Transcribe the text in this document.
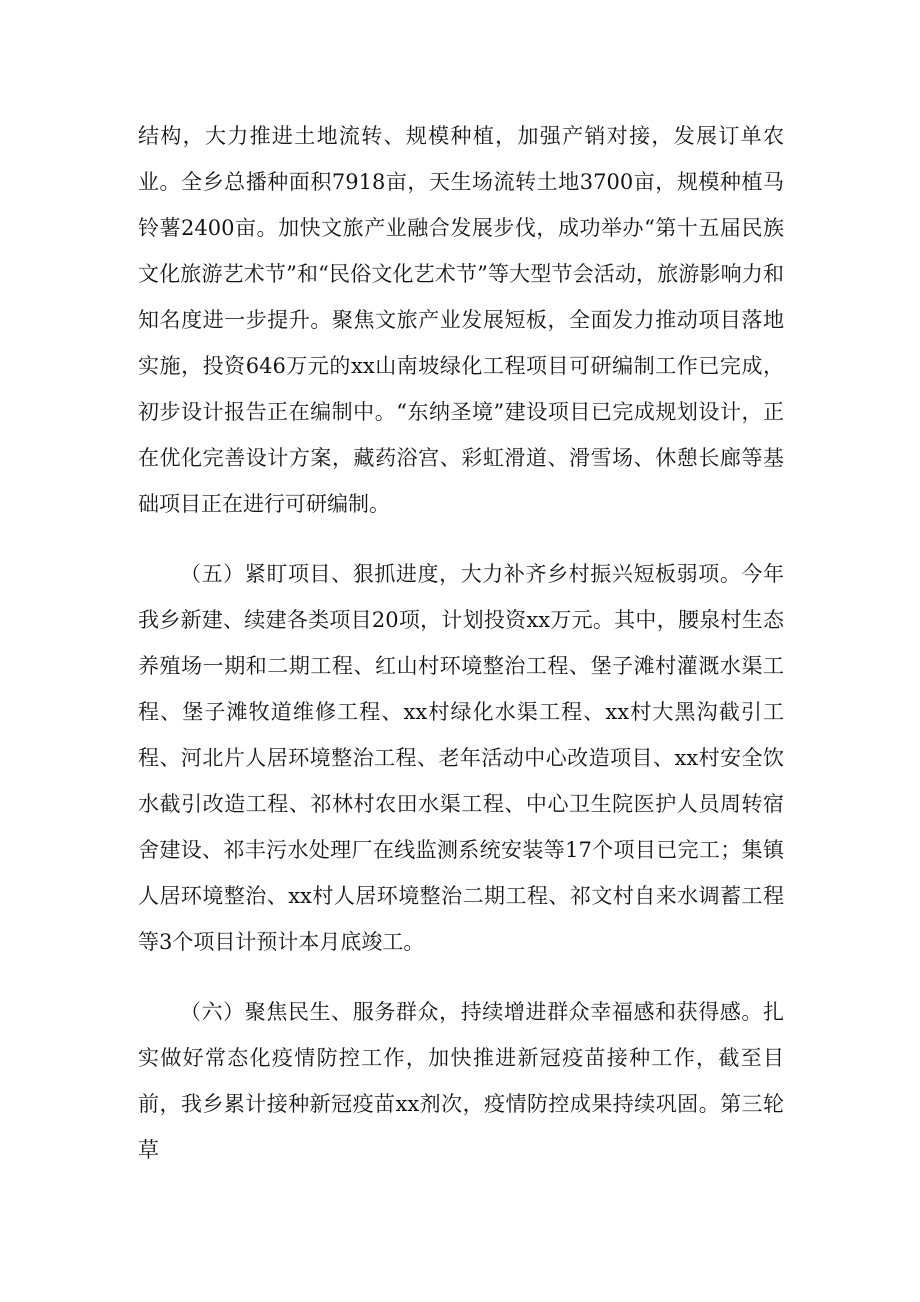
结构，大力推进土地流转、规模种植，加强产销对接，发展订单农业。全乡总播种面积7918亩，天生场流转土地3700亩，规模种植马铃薯2400亩。加快文旅产业融合发展步伐，成功举办“第十五届民族文化旅游艺术节”和“民俗文化艺术节”等大型节会活动，旅游影响力和知名度进一步提升。聚焦文旅产业发展短板，全面发力推动项目落地实施，投资646万元的xx山南坡绿化工程项目可研编制工作已完成，初步设计报告正在编制中。“东纳圣境”建设项目已完成规划设计，正在优化完善设计方案，藏药浴宫、彩虹滑道、滑雪场、休憩长廊等基础项目正在进行可研编制。

（五）紧盯项目、狠抓进度，大力补齐乡村振兴短板弱项。今年我乡新建、续建各类项目20项，计划投资xx万元。其中，腰泉村生态养殖场一期和二期工程、红山村环境整治工程、堡子滩村灌溉水渠工程、堡子滩牧道维修工程、xx村绿化水渠工程、xx村大黑沟截引工程、河北片人居环境整治工程、老年活动中心改造项目、xx村安全饮水截引改造工程、祁林村农田水渠工程、中心卫生院医护人员周转宿舍建设、祁丰污水处理厂在线监测系统安装等17个项目已完工；集镇人居环境整治、xx村人居环境整治二期工程、祁文村自来水调蓄工程等3个项目计预计本月底竣工。

（六）聚焦民生、服务群众，持续增进群众幸福感和获得感。扎实做好常态化疫情防控工作，加快推进新冠疫苗接种工作，截至目前，我乡累计接种新冠疫苗xx剂次，疫情防控成果持续巩固。第三轮草
